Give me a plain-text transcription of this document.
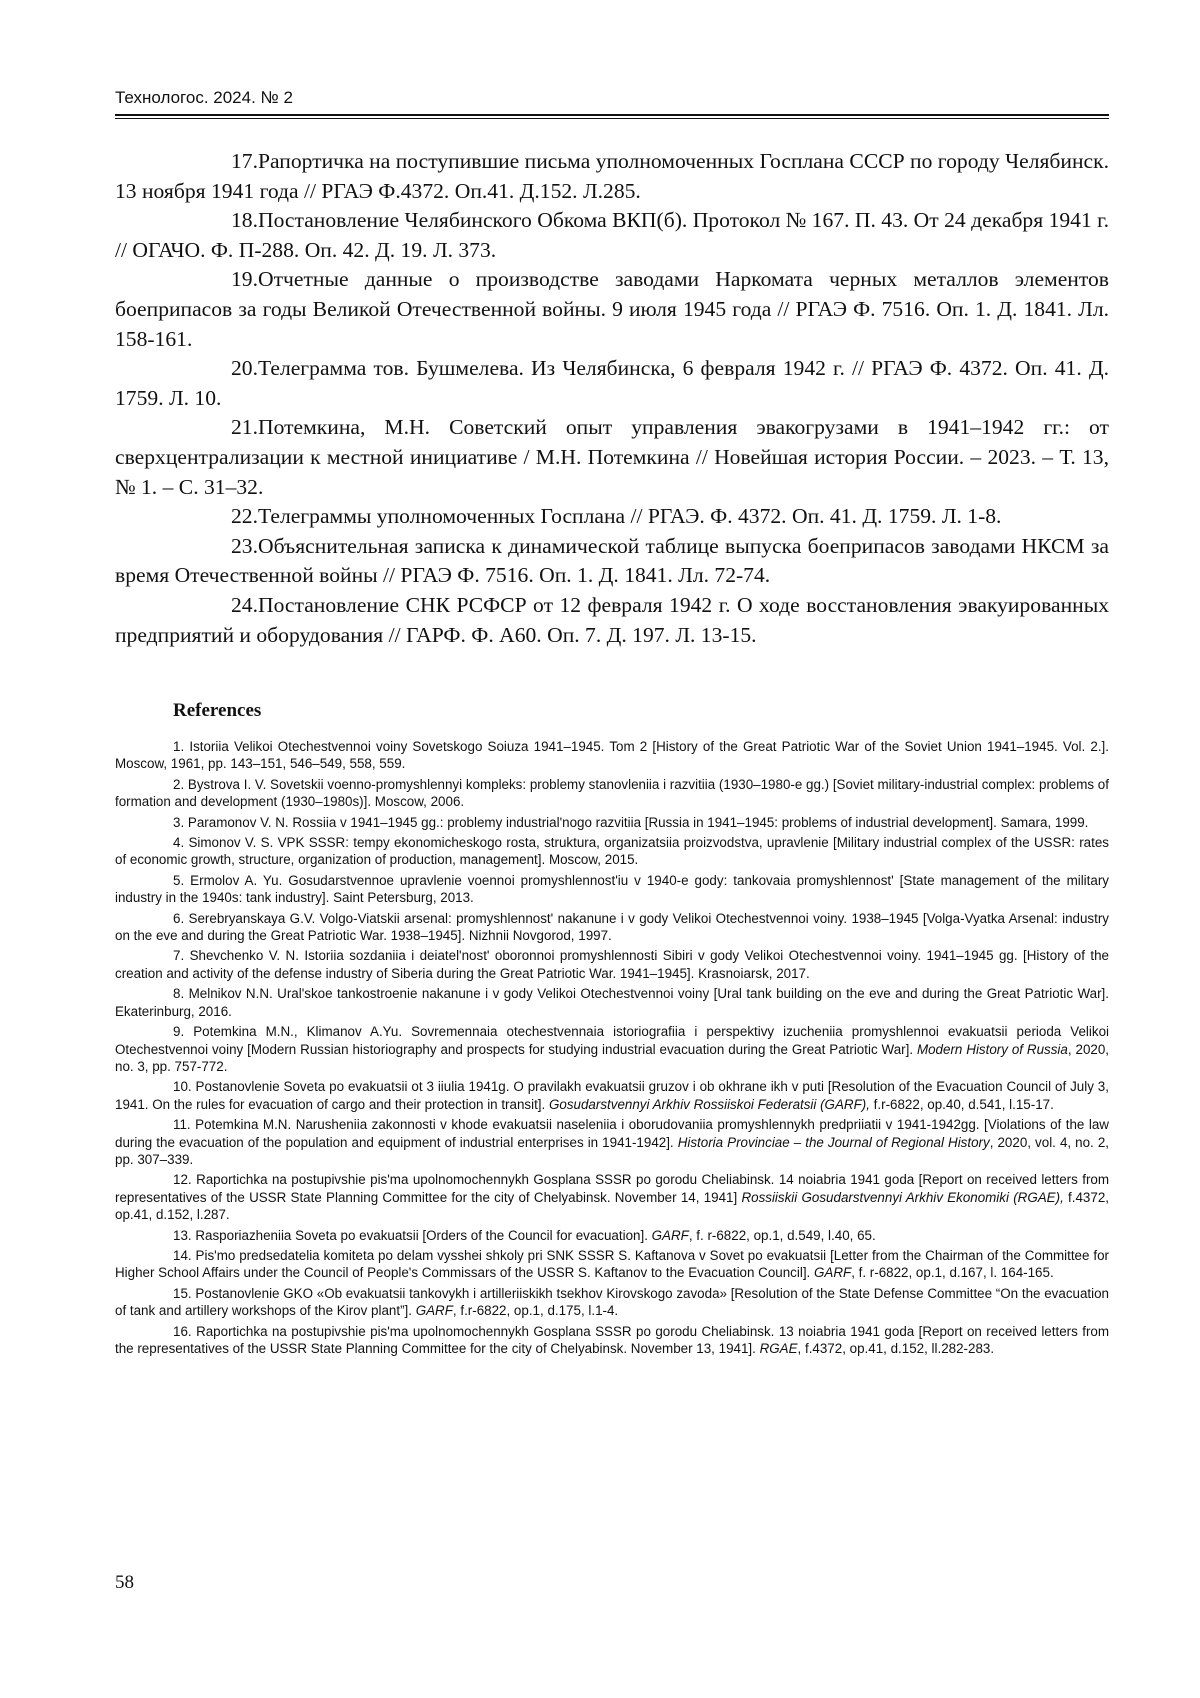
Технологос. 2024. № 2

17.Рапортичка на поступившие письма уполномоченных Госплана СССР по городу Челябинск. 13 ноября 1941 года // РГАЭ Ф.4372. Оп.41. Д.152. Л.285.

18.Постановление Челябинского Обкома ВКП(б). Протокол № 167. П. 43. От 24 декабря 1941 г. // ОГАЧО. Ф. П-288. Оп. 42. Д. 19. Л. 373.

19.Отчетные данные о производстве заводами Наркомата черных металлов элементов боеприпасов за годы Великой Отечественной войны. 9 июля 1945 года // РГАЭ Ф. 7516. Оп. 1. Д. 1841. Лл. 158-161.

20.Телеграмма тов. Бушмелева. Из Челябинска, 6 февраля 1942 г. // РГАЭ Ф. 4372. Оп. 41. Д. 1759. Л. 10.

21.Потемкина, М.Н. Советский опыт управления эвакогрузами в 1941–1942 гг.: от сверхцентрализации к местной инициативе / М.Н. Потемкина // Новейшая история России. – 2023. – Т. 13, № 1. – С. 31–32.

22.Телеграммы уполномоченных Госплана // РГАЭ. Ф. 4372. Оп. 41. Д. 1759. Л. 1-8.

23.Объяснительная записка к динамической таблице выпуска боеприпасов заводами НКСМ за время Отечественной войны // РГАЭ Ф. 7516. Оп. 1. Д. 1841. Лл. 72-74.

24.Постановление СНК РСФСР от 12 февраля 1942 г. О ходе восстановления эвакуированных предприятий и оборудования // ГАРФ. Ф. А60. Оп. 7. Д. 197. Л. 13-15.

References

1. Istoriia Velikoi Otechestvennoi voiny Sovetskogo Soiuza 1941–1945. Tom 2 [History of the Great Patriotic War of the Soviet Union 1941–1945. Vol. 2.]. Moscow, 1961, pp. 143–151, 546–549, 558, 559.

2. Bystrova I. V. Sovetskii voenno-promyshlennyi kompleks: problemy stanovleniia i razvitiia (1930–1980-e gg.) [Soviet military-industrial complex: problems of formation and development (1930–1980s)]. Moscow, 2006.

3. Paramonov V. N. Rossiia v 1941–1945 gg.: problemy industrial'nogo razvitiia [Russia in 1941–1945: problems of industrial development]. Samara, 1999.

4. Simonov V. S. VPK SSSR: tempy ekonomicheskogo rosta, struktura, organizatsiia proizvodstva, upravlenie [Military industrial complex of the USSR: rates of economic growth, structure, organization of production, management]. Moscow, 2015.

5. Ermolov A. Yu. Gosudarstvennoe upravlenie voennoi promyshlennost'iu v 1940-e gody: tankovaia promyshlennost' [State management of the military industry in the 1940s: tank industry]. Saint Petersburg, 2013.

6. Serebryanskaya G.V. Volgo-Viatskii arsenal: promyshlennost' nakanune i v gody Velikoi Otechestvennoi voiny. 1938–1945 [Volga-Vyatka Arsenal: industry on the eve and during the Great Patriotic War. 1938–1945]. Nizhnii Novgorod, 1997.

7. Shevchenko V. N. Istoriia sozdaniia i deiatel'nost' oboronnoi promyshlennosti Sibiri v gody Velikoi Otechestvennoi voiny. 1941–1945 gg. [History of the creation and activity of the defense industry of Siberia during the Great Patriotic War. 1941–1945]. Krasnoiarsk, 2017.

8. Melnikov N.N. Ural'skoe tankostroenie nakanune i v gody Velikoi Otechestvennoi voiny [Ural tank building on the eve and during the Great Patriotic War]. Ekaterinburg, 2016.

9. Potemkina M.N., Klimanov A.Yu. Sovremennaia otechestvennaia istoriografiia i perspektivy izucheniia promyshlennoi evakuatsii perioda Velikoi Otechestvennoi voiny [Modern Russian historiography and prospects for studying industrial evacuation during the Great Patriotic War]. Modern History of Russia, 2020, no. 3, pp. 757-772.

10. Postanovlenie Soveta po evakuatsii ot 3 iiulia 1941g. O pravilakh evakuatsii gruzov i ob okhrane ikh v puti [Resolution of the Evacuation Council of July 3, 1941. On the rules for evacuation of cargo and their protection in transit]. Gosudarstvennyi Arkhiv Rossiiskoi Federatsii (GARF), f.r-6822, op.40, d.541, l.15-17.

11. Potemkina M.N. Narusheniia zakonnosti v khode evakuatsii naseleniia i oborudovaniia promyshlennykh predpriiatii v 1941-1942gg. [Violations of the law during the evacuation of the population and equipment of industrial enterprises in 1941-1942]. Historia Provinciae – the Journal of Regional History, 2020, vol. 4, no. 2, pp. 307–339.

12. Raportichka na postupivshie pis'ma upolnomochennykh Gosplana SSSR po gorodu Cheliabinsk. 14 noiabria 1941 goda [Report on received letters from representatives of the USSR State Planning Committee for the city of Chelyabinsk. November 14, 1941] Rossiiskii Gosudarstvennyi Arkhiv Ekonomiki (RGAE), f.4372, op.41, d.152, l.287.

13. Rasporiazheniia Soveta po evakuatsii [Orders of the Council for evacuation]. GARF, f. r-6822, op.1, d.549, l.40, 65.

14. Pis'mo predsedatelia komiteta po delam vysshei shkoly pri SNK SSSR S. Kaftanova v Sovet po evakuatsii [Letter from the Chairman of the Committee for Higher School Affairs under the Council of People's Commissars of the USSR S. Kaftanov to the Evacuation Council]. GARF, f. r-6822, op.1, d.167, l. 164-165.

15. Postanovlenie GKO «Ob evakuatsii tankovykh i artilleriiskikh tsekhov Kirovskogo zavoda» [Resolution of the State Defense Committee “On the evacuation of tank and artillery workshops of the Kirov plant”]. GARF, f.r-6822, op.1, d.175, l.1-4.

16. Raportichka na postupivshie pis'ma upolnomochennykh Gosplana SSSR po gorodu Cheliabinsk. 13 noiabria 1941 goda [Report on received letters from the representatives of the USSR State Planning Committee for the city of Chelyabinsk. November 13, 1941]. RGAE, f.4372, op.41, d.152, ll.282-283.

58
